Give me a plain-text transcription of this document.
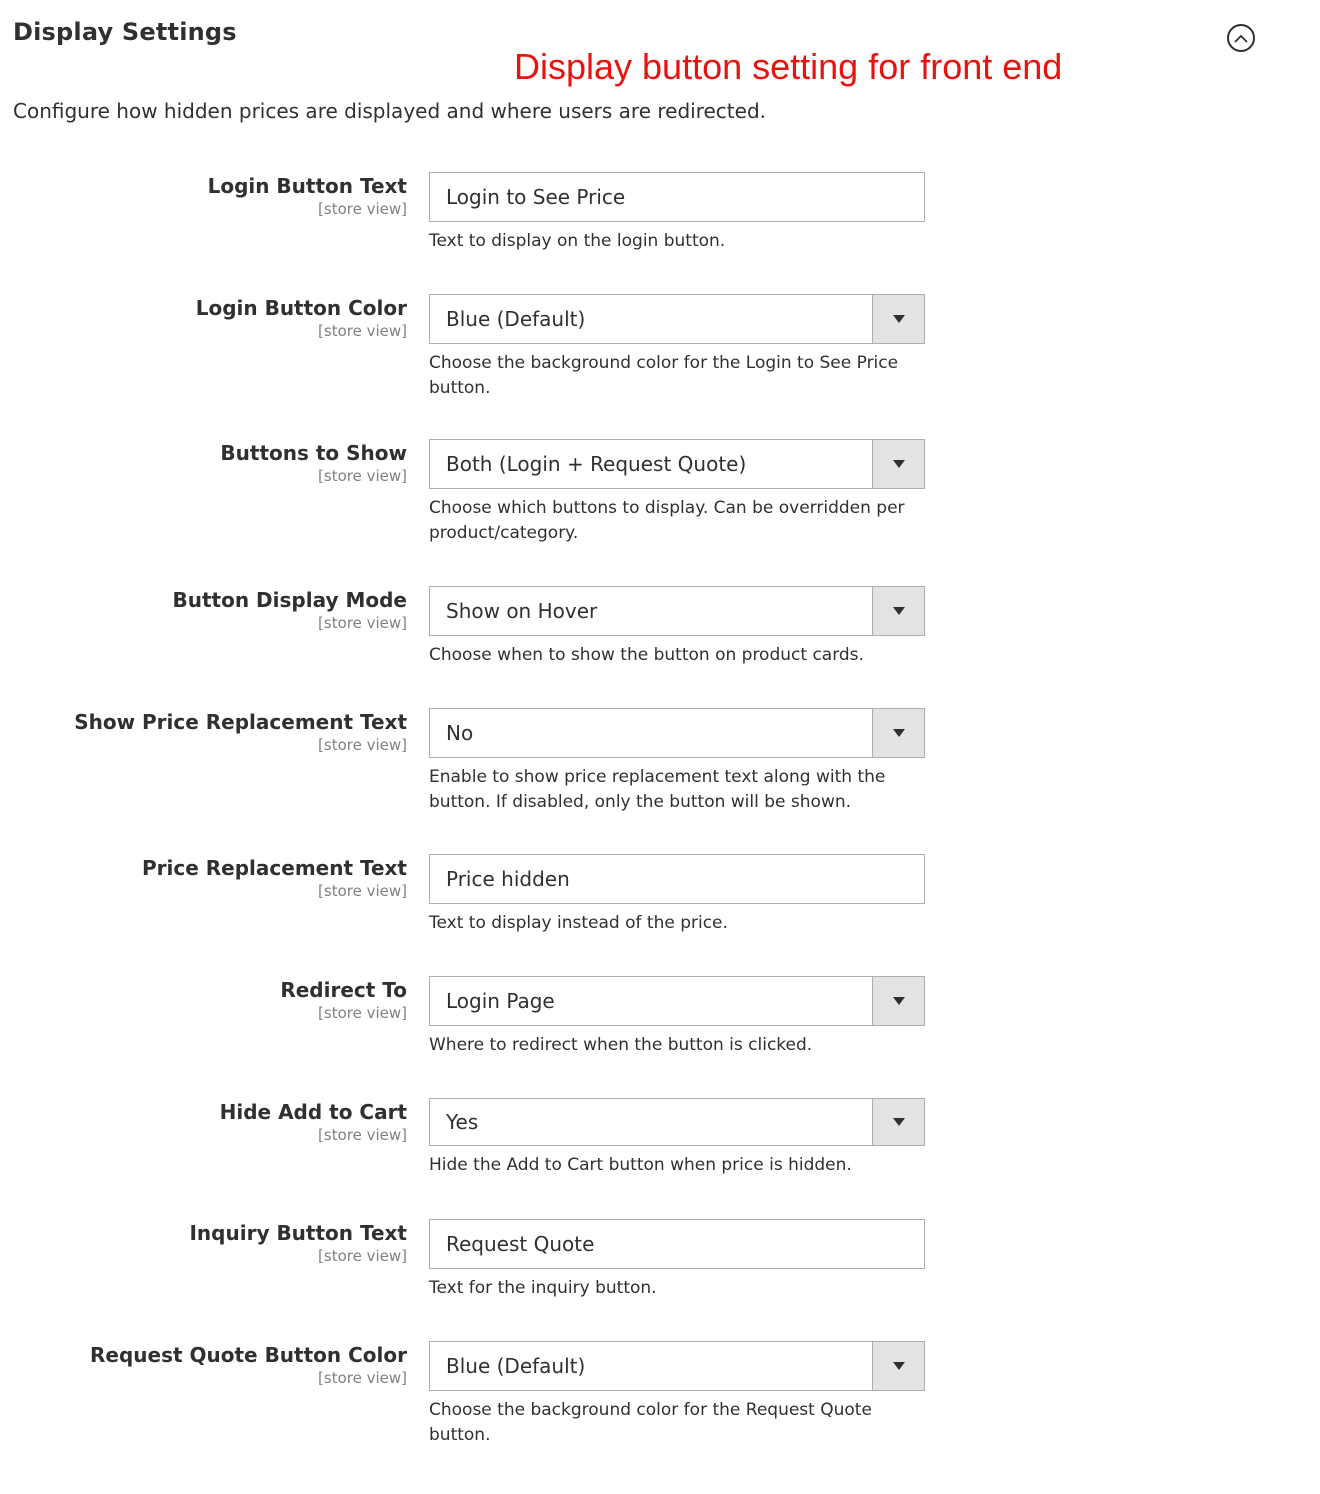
Display Settings
Display button setting for front end

Configure how hidden prices are displayed and where users are redirected.

Login Button Text
[store view]
Login to See Price
Text to display on the login button.
Login Button Color
[store view] Blue (Default)
Choose the background color for the Login to See Price button.
Buttons to Show
[store view] Both (Login + Request Quote)
Choose which buttons to display. Can be overridden per product/category.
Button Display Mode
[store view] Show on Hover
Choose when to show the button on product cards.
Show Price Replacement Text
[store view] No
Enable to show price replacement text along with the button. If disabled, only the button will be shown.
Price Replacement Text
[store view]
Price hidden
Text to display instead of the price.
Redirect To
[store view] Login Page
Where to redirect when the button is clicked.
Hide Add to Cart
[store view]
Yes
Hide the Add to Cart button when price is hidden.
Inquiry Button Text
[store view]
Request Quote
Text for the inquiry button.
Request Quote Button Color
[store view] Blue (Default)
Choose the background color for the Request Quote button.
